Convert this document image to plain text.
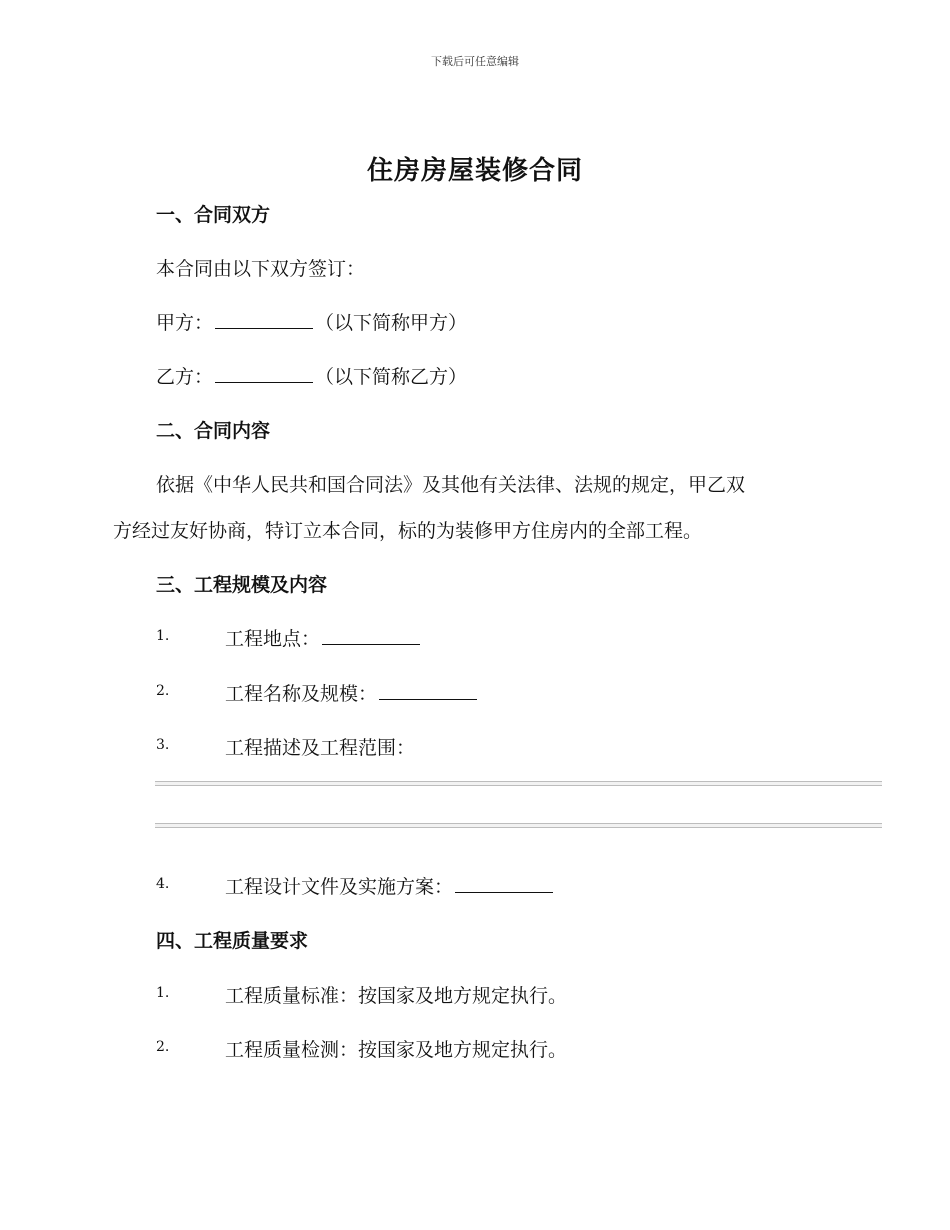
下载后可任意编辑
住房房屋装修合同
一、合同双方
本合同由以下双方签订：
甲方：	（以下简称甲方）
乙方：	（以下简称乙方）
二、合同内容
依据《中华人民共和国合同法》及其他有关法律、法规的规定，甲乙双
方经过友好协商，特订立本合同，标的为装修甲方住房内的全部工程。
三、工程规模及内容
1.	工程地点：
2.	工程名称及规模：
3.	工程描述及工程范围：
4.	工程设计文件及实施方案：
四、工程质量要求
1.	工程质量标准：按国家及地方规定执行。
2.	工程质量检测：按国家及地方规定执行。
